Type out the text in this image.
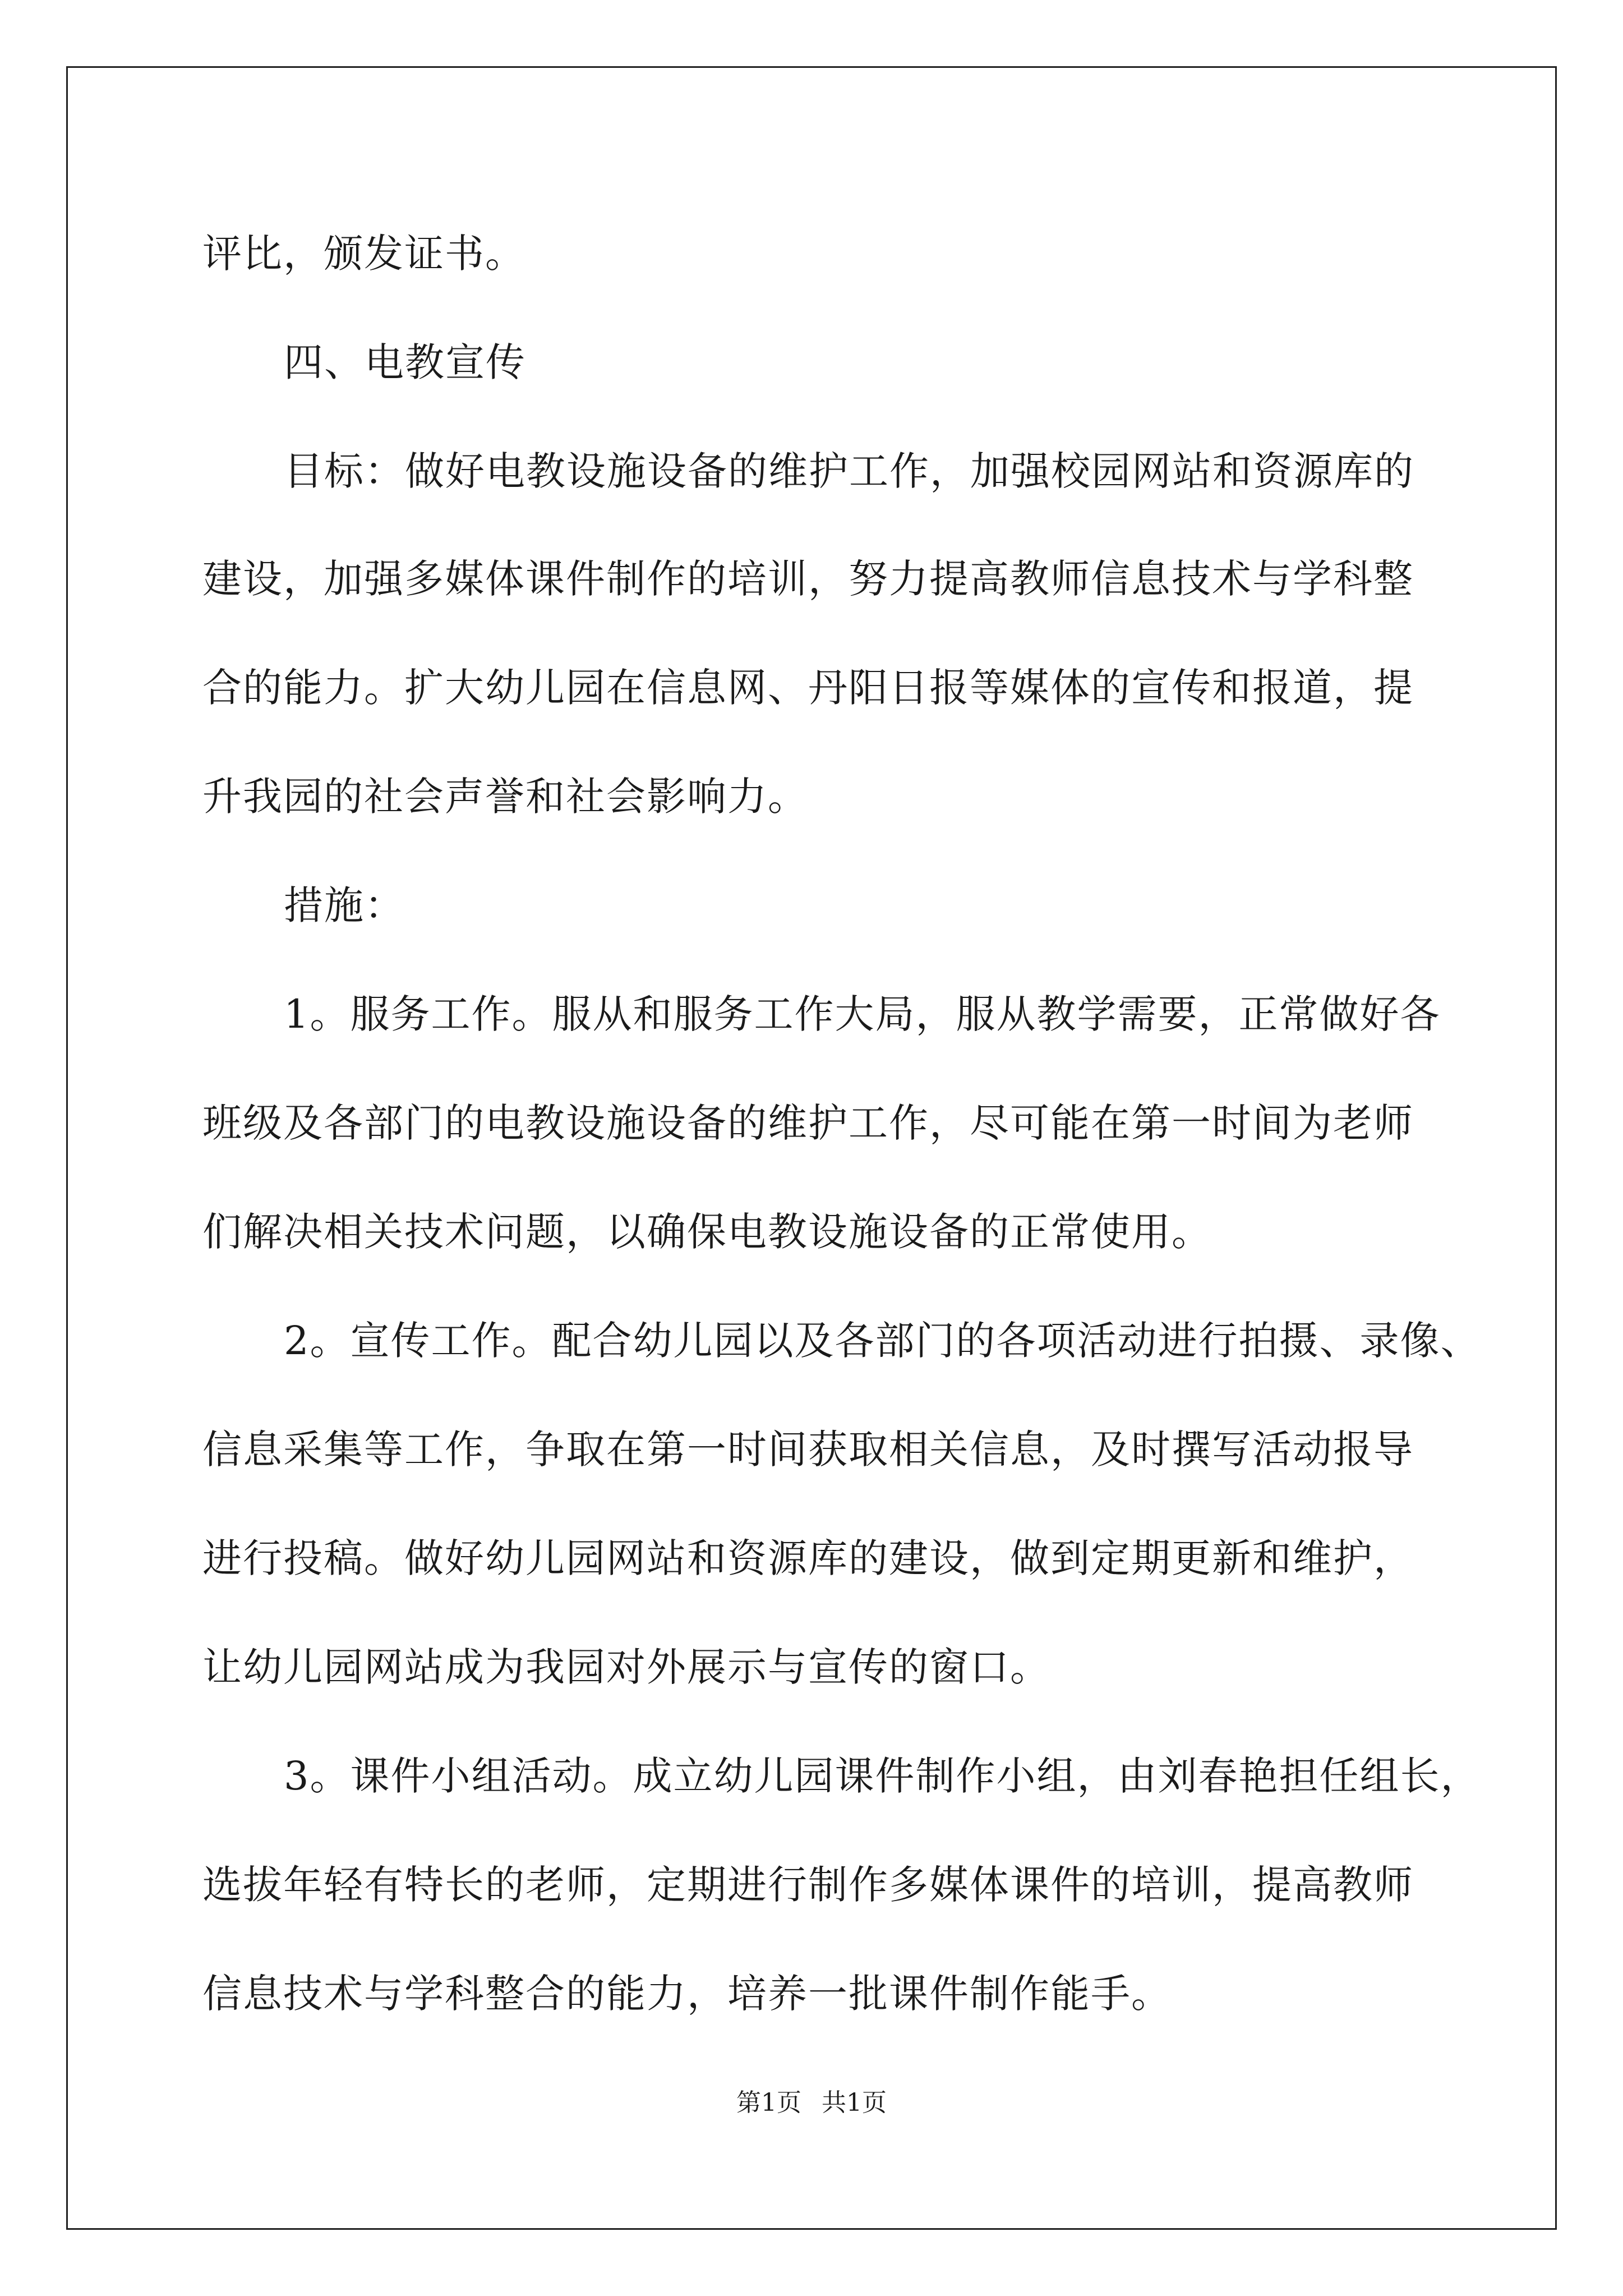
评比，颁发证书。
四、电教宣传
目标：做好电教设施设备的维护工作，加强校园网站和资源库的
建设，加强多媒体课件制作的培训，努力提高教师信息技术与学科整
合的能力。扩大幼儿园在信息网、丹阳日报等媒体的宣传和报道，提
升我园的社会声誉和社会影响力。
措施：
1。服务工作。服从和服务工作大局，服从教学需要，正常做好各
班级及各部门的电教设施设备的维护工作，尽可能在第一时间为老师
们解决相关技术问题，以确保电教设施设备的正常使用。
2。宣传工作。配合幼儿园以及各部门的各项活动进行拍摄、录像、
信息采集等工作，争取在第一时间获取相关信息，及时撰写活动报导
进行投稿。做好幼儿园网站和资源库的建设，做到定期更新和维护，
让幼儿园网站成为我园对外展示与宣传的窗口。
3。课件小组活动。成立幼儿园课件制作小组，由刘春艳担任组长，
选拔年轻有特长的老师，定期进行制作多媒体课件的培训，提高教师
信息技术与学科整合的能力，培养一批课件制作能手。
第1页 共1页
